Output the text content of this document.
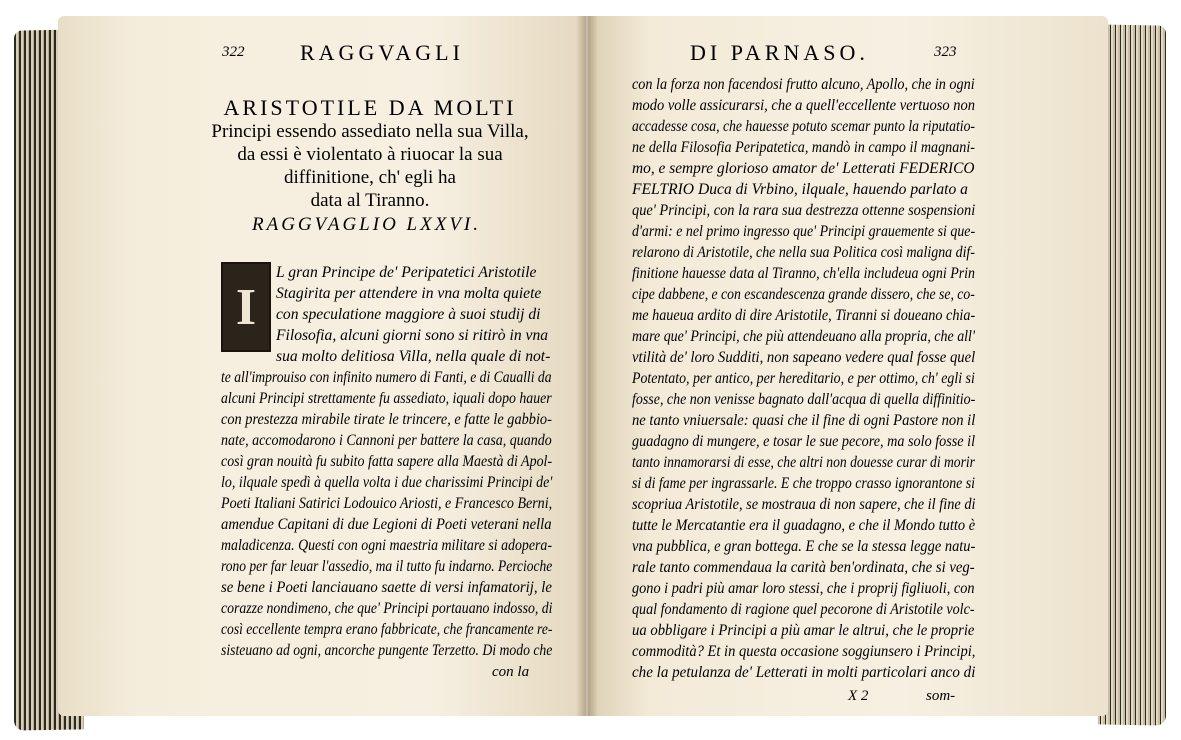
322	RAGGVAGLI
ARISTOTILE DA MOLTI
Principi essendo assediato nella sua Villa,
da essi è violentato à riuocar la sua
diffinitione, ch' egli ha
data al Tiranno.
RAGGVAGLIO LXXVI.
I
L gran Principe de' Peripatetici Aristotile
Stagirita per attendere in vna molta quiete
con speculatione maggiore à suoi studij di
Filosofia, alcuni giorni sono si ritirò in vna
sua molto delitiosa Villa, nella quale di not-
te all'improuiso con infinito numero di Fanti, e di Caualli da
alcuni Principi strettamente fu assediato, iquali dopo hauer
con prestezza mirabile tirate le trincere, e fatte le gabbio-
nate, accomodarono i Cannoni per battere la casa, quando
così gran nouità fu subito fatta sapere alla Maestà di Apol-
lo, ilquale spedì à quella volta i due charissimi Principi de'
Poeti Italiani Satirici Lodouico Ariosti, e Francesco Berni,
amendue Capitani di due Legioni di Poeti veterani nella
maladicenza. Questi con ogni maestria militare si adopera-
rono per far leuar l'assedio, ma il tutto fu indarno. Percioche
se bene i Poeti lanciauano saette di versi infamatorij, le
corazze nondimeno, che que' Principi portauano indosso, di
così eccellente tempra erano fabbricate, che francamente re-
sisteuano ad ogni, ancorche pungente Terzetto. Di modo che
con la
DI PARNASO.	323
con la forza non facendosi frutto alcuno, Apollo, che in ogni
modo volle assicurarsi, che a quell'eccellente vertuoso non
accadesse cosa, che hauesse potuto scemar punto la riputatio-
ne della Filosofia Peripatetica, mandò in campo il magnani-
mo, e sempre glorioso amator de' Letterati FEDERICO
FELTRIO Duca di Vrbino, ilquale, hauendo parlato a
que' Principi, con la rara sua destrezza ottenne sospensioni
d'armi: e nel primo ingresso que' Principi grauemente si que-
relarono di Aristotile, che nella sua Politica così maligna dif-
finitione hauesse data al Tiranno, ch'ella includeua ogni Prin
cipe dabbene, e con escandescenza grande dissero, che se, co-
me haueua ardito di dire Aristotile, Tiranni si doueano chia-
mare que' Principi, che più attendeuano alla propria, che all'
vtilità de' loro Sudditi, non sapeano vedere qual fosse quel
Potentato, per antico, per hereditario, e per ottimo, ch' egli si
fosse, che non venisse bagnato dall'acqua di quella diffinitio-
ne tanto vniuersale: quasi che il fine di ogni Pastore non il
guadagno di mungere, e tosar le sue pecore, ma solo fosse il
tanto innamorarsi di esse, che altri non douesse curar di morir
si di fame per ingrassarle. E che troppo crasso ignorantone si
scopriua Aristotile, se mostraua di non sapere, che il fine di
tutte le Mercatantie era il guadagno, e che il Mondo tutto è
vna pubblica, e gran bottega. E che se la stessa legge natu-
rale tanto commendaua la carità ben'ordinata, che si veg-
gono i padri più amar loro stessi, che i proprij figliuoli, con
qual fondamento di ragione quel pecorone di Aristotile volc-
ua obbligare i Principi a più amar le altrui, che le proprie
commodità? Et in questa occasione soggiunsero i Principi,
che la petulanza de' Letterati in molti particolari anco di
X 2	som-
